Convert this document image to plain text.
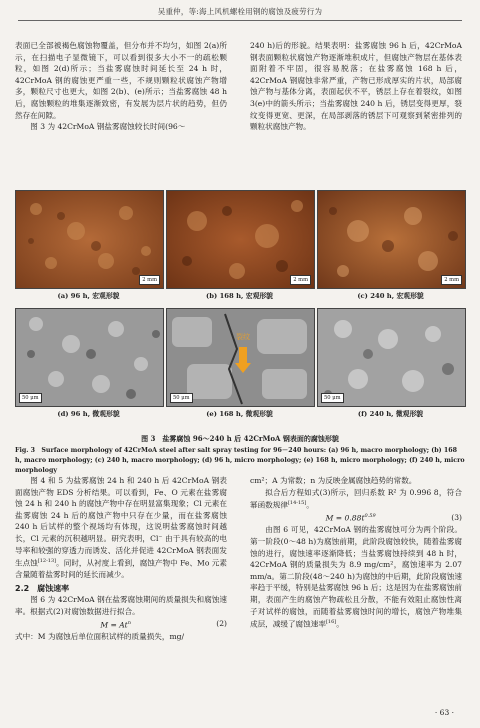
吴重仲，等:海上风机螺栓用钢的腐蚀及疲劳行为

表面已全部被褐色腐蚀物覆盖，但分布并不均匀，如图 2(a)所示，在扫描电子显微镜下，可以看到很多大小不一的疏松颗粒，如图 2(d)所示；当盐雾腐蚀时间延长至 24 h 时，42CrMoA 钢的腐蚀更严重一些，不规则颗粒状腐蚀产物增多，颗粒尺寸也更大，如图 2(b)、(e)所示；当盐雾腐蚀 48 h 后，腐蚀颗粒的堆集逐渐致密，有发展为层片状的趋势，但仍然存在间隙。

图 3 为 42CrMoA 钢盐雾腐蚀较长时间(96～

240 h)后的形貌。结果表明：盐雾腐蚀 96 h 后，42CrMoA 钢表面颗粒状腐蚀产物逐渐堆积成片，但腐蚀产物层在基体表面附着不牢固，很容易脱落；在盐雾腐蚀 168 h 后，42CrMoA 钢腐蚀非常严重，产物已形成厚实的片状，局部腐蚀产物与基体分离，表面起伏不平，锈层上存在着裂纹，如图 3(e)中的箭头所示；当盐雾腐蚀 240 h 后，锈层变得更厚，裂纹变得更宽、更深，在局部剥落的锈层下可观察到紧密排列的颗粒状腐蚀产物。

2 mm	2 mm	2 mm
(a) 96 h, 宏观形貌	(b) 168 h, 宏观形貌	(c) 240 h, 宏观形貌
50 μm
裂纹
50 μm	50 μm
(d) 96 h, 微观形貌	(e) 168 h, 微观形貌	(f) 240 h, 微观形貌
图 3　盐雾腐蚀 96～240 h 后 42CrMoA 钢表面的腐蚀形貌
Fig. 3　Surface morphology of 42CrMoA steel after salt spray testing for 96－240 hours: (a) 96 h, macro morphology; (b) 168 h, macro morphology; (c) 240 h, macro morphology; (d) 96 h, micro morphology; (e) 168 h, micro morphology; (f) 240 h, micro morphology

图 4 和 5 为盐雾腐蚀 24 h 和 240 h 后 42CrMoA 钢表面腐蚀产物 EDS 分析结果。可以看到，Fe、O 元素在盐雾腐蚀 24 h 和 240 h 的腐蚀产物中存在明显富集现象；Cl 元素在盐雾腐蚀 24 h 后的腐蚀产物中只存在少量，而在盐雾腐蚀 240 h 后试样的整个视场均有体现，这说明盐雾腐蚀时间越长，Cl 元素的沉积越明显。研究表明，Cl⁻ 由于具有较高的电导率和较强的穿透力而诱发、活化并促进 42CrMoA 钢表面发生点蚀[12-13]。同时，从衬度上看到，腐蚀产物中 Fe、Mo 元素含量随着盐雾时间的延长而减少。

2.2　 腐蚀速率

图 6 为 42CrMoA 钢在盐雾腐蚀期间的质量损失和腐蚀速率。根据式(2)对腐蚀数据进行拟合。

$M = At^n$	(2)

式中：M 为腐蚀后单位面积试样的质量损失，mg/

cm²；A 为常数；n 为反映金属腐蚀趋势的常数。

拟合后方程如式(3)所示，回归系数 R² 为 0.996 8，符合幂函数规律[14-15]。

$M = 0.88t^{0.59}$	(3)

由图 6 可见，42CrMoA 钢的盐雾腐蚀可分为两个阶段。第一阶段(0～48 h)为腐蚀前期，此阶段腐蚀较快，随着盐雾腐蚀的进行，腐蚀速率逐渐降低；当盐雾腐蚀持续到 48 h 时，42CrMoA 钢的质量损失为 8.9 mg/cm²，腐蚀速率为 2.07 mm/a。第二阶段(48～240 h)为腐蚀的中后期，此阶段腐蚀速率趋于平缓，特别是盐雾腐蚀 96 h 后；这是因为在盐雾腐蚀前期，表面产生的腐蚀产物疏松且分散，不能有效阻止腐蚀性离子对试样的腐蚀，而随着盐雾腐蚀时间的增长，腐蚀产物堆集成层，减缓了腐蚀速率[16]。

· 63 ·
